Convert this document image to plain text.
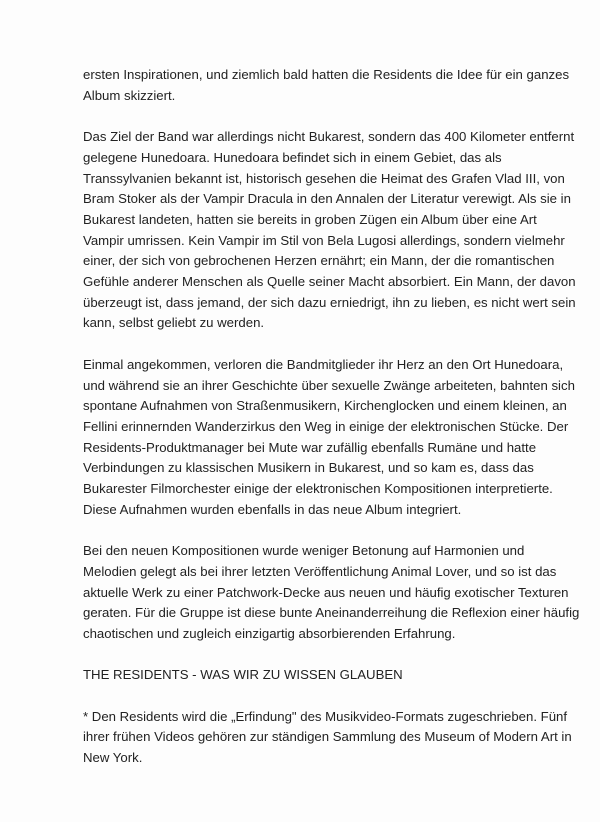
ersten Inspirationen, und ziemlich bald hatten die Residents die Idee für ein ganzes
Album skizziert.
Das Ziel der Band war allerdings nicht Bukarest, sondern das 400 Kilometer entfernt
gelegene Hunedoara. Hunedoara befindet sich in einem Gebiet, das als
Transsylvanien bekannt ist, historisch gesehen die Heimat des Grafen Vlad III, von
Bram Stoker als der Vampir Dracula in den Annalen der Literatur verewigt. Als sie in
Bukarest landeten, hatten sie bereits in groben Zügen ein Album über eine Art
Vampir umrissen. Kein Vampir im Stil von Bela Lugosi allerdings, sondern vielmehr
einer, der sich von gebrochenen Herzen ernährt; ein Mann, der die romantischen
Gefühle anderer Menschen als Quelle seiner Macht absorbiert. Ein Mann, der davon
überzeugt ist, dass jemand, der sich dazu erniedrigt, ihn zu lieben, es nicht wert sein
kann, selbst geliebt zu werden.
Einmal angekommen, verloren die Bandmitglieder ihr Herz an den Ort Hunedoara,
und während sie an ihrer Geschichte über sexuelle Zwänge arbeiteten, bahnten sich
spontane Aufnahmen von Straßenmusikern, Kirchenglocken und einem kleinen, an
Fellini erinnernden Wanderzirkus den Weg in einige der elektronischen Stücke. Der
Residents-Produktmanager bei Mute war zufällig ebenfalls Rumäne und hatte
Verbindungen zu klassischen Musikern in Bukarest, und so kam es, dass das
Bukarester Filmorchester einige der elektronischen Kompositionen interpretierte.
Diese Aufnahmen wurden ebenfalls in das neue Album integriert.
Bei den neuen Kompositionen wurde weniger Betonung auf Harmonien und
Melodien gelegt als bei ihrer letzten Veröffentlichung Animal Lover, und so ist das
aktuelle Werk zu einer Patchwork-Decke aus neuen und häufig exotischer Texturen
geraten. Für die Gruppe ist diese bunte Aneinanderreihung die Reflexion einer häufig
chaotischen und zugleich einzigartig absorbierenden Erfahrung.
THE RESIDENTS - WAS WIR ZU WISSEN GLAUBEN
* Den Residents wird die „Erfindung" des Musikvideo-Formats zugeschrieben. Fünf
ihrer frühen Videos gehören zur ständigen Sammlung des Museum of Modern Art in
New York.
